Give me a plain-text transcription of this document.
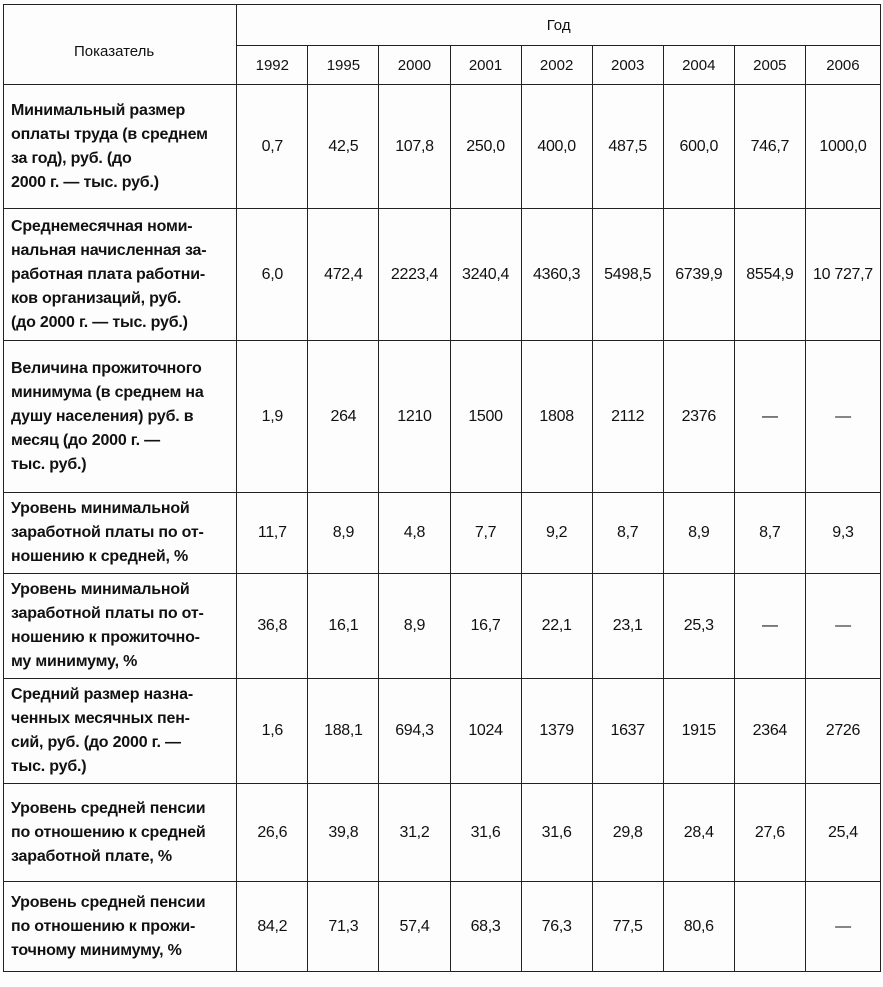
Показатель	Год								
	1992	1995	2000	2001	2002	2003	2004	2005	2006
Минимальный размер
оплаты труда (в среднем
за год), руб. (до
2000 г. — тыс. руб.)	0,7	42,5	107,8	250,0	400,0	487,5	600,0	746,7	1000,0
Среднемесячная номи-
нальная начисленная за-
работная плата работни-
ков организаций, руб.
(до 2000 г. — тыс. руб.)	6,0	472,4	2223,4	3240,4	4360,3	5498,5	6739,9	8554,9	10 727,7
Величина прожиточного
минимума (в среднем на
душу населения) руб. в
месяц (до 2000 г. —
тыс. руб.)	1,9	264	1210	1500	1808	2112	2376	—	—
Уровень минимальной
заработной платы по от-
ношению к средней, %	11,7	8,9	4,8	7,7	9,2	8,7	8,9	8,7	9,3
Уровень минимальной
заработной платы по от-
ношению к прожиточно-
му минимуму, %	36,8	16,1	8,9	16,7	22,1	23,1	25,3	—	—
Средний размер назна-
ченных месячных пен-
сий, руб. (до 2000 г. —
тыс. руб.)	1,6	188,1	694,3	1024	1379	1637	1915	2364	2726
Уровень средней пенсии
по отношению к средней
заработной плате, %	26,6	39,8	31,2	31,6	31,6	29,8	28,4	27,6	25,4
Уровень средней пенсии
по отношению к прожи-
точному минимуму, %	84,2	71,3	57,4	68,3	76,3	77,5	80,6		—
